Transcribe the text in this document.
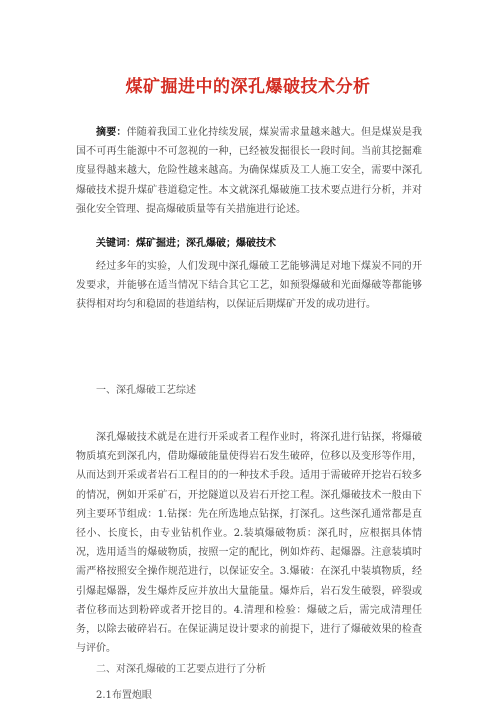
煤矿掘进中的深孔爆破技术分析

摘要：伴随着我国工业化持续发展，煤炭需求量越来越大。但是煤炭是我国不可再生能源中不可忽视的一种，已经被发掘很长一段时间。当前其挖掘难度显得越来越大，危险性越来越高。为确保煤质及工人施工安全，需要中深孔爆破技术提升煤矿巷道稳定性。本文就深孔爆破施工技术要点进行分析，并对强化安全管理、提高爆破质量等有关措施进行论述。

关键词：煤矿掘进；深孔爆破；爆破技术

经过多年的实验，人们发现中深孔爆破工艺能够满足对地下煤炭不同的开发要求，并能够在适当情况下结合其它工艺，如预裂爆破和光面爆破等都能够获得相对均匀和稳固的巷道结构，以保证后期煤矿开发的成功进行。

一、深孔爆破工艺综述

深孔爆破技术就是在进行开采或者工程作业时，将深孔进行钻探，将爆破物质填充到深孔内，借助爆破能量使得岩石发生破碎，位移以及变形等作用，从而达到开采或者岩石工程目的的一种技术手段。适用于需破碎开挖岩石较多的情况，例如开采矿石，开挖隧道以及岩石开挖工程。深孔爆破技术一般由下列主要环节组成：1.钻探：先在所选地点钻探，打深孔。这些深孔通常都是直径小、长度长，由专业钻机作业。2.装填爆破物质：深孔时，应根据具体情况，选用适当的爆破物质，按照一定的配比，例如炸药、起爆器。注意装填时需严格按照安全操作规范进行，以保证安全。3.爆破：在深孔中装填物质，经引爆起爆器，发生爆炸反应并放出大量能量。爆炸后，岩石发生破裂，碎裂或者位移而达到粉碎或者开挖目的。4.清理和检验：爆破之后，需完成清理任务，以除去破碎岩石。在保证满足设计要求的前提下，进行了爆破效果的检查与评价。

二、对深孔爆破的工艺要点进行了分析
2.1布置炮眼
